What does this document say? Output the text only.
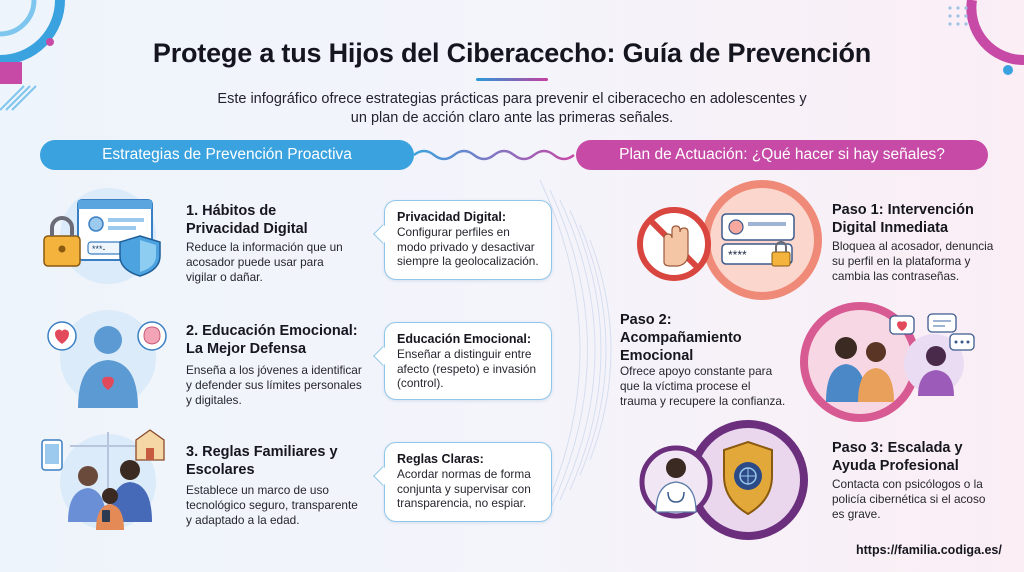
Protege a tus Hijos del Ciberacecho: Guía de Prevención
Este infográfico ofrece estrategias prácticas para prevenir el ciberacecho en adolescentes y un plan de acción claro ante las primeras señales.
Estrategias de Prevención Proactiva	Plan de Actuación: ¿Qué hacer si hay señales?
***-
1. Hábitos de Privacidad Digital
Reduce la información que un acosador puede usar para vigilar o dañar.
Privacidad Digital:
Configurar perfiles en modo privado y desactivar siempre la geolocalización.
2. Educación Emocional: La Mejor Defensa
Enseña a los jóvenes a identificar y defender sus límites personales y digitales.
Educación Emocional:
Enseñar a distinguir entre afecto (respeto) e invasión (control).
3. Reglas Familiares y Escolares
Establece un marco de uso tecnológico seguro, transparente y adaptado a la edad.
Reglas Claras:
Acordar normas de forma conjunta y supervisar con transparencia, no espiar.
****
Paso 1: Intervención Digital Inmediata
Bloquea al acosador, denuncia su perfil en la plataforma y cambia las contraseñas.
Paso 2: Acompañamiento Emocional
Ofrece apoyo constante para que la víctima procese el trauma y recupere la confianza.
Paso 3: Escalada y Ayuda Profesional
Contacta con psicólogos o la policía cibernética si el acoso es grave.
https://familia.codiga.es/
